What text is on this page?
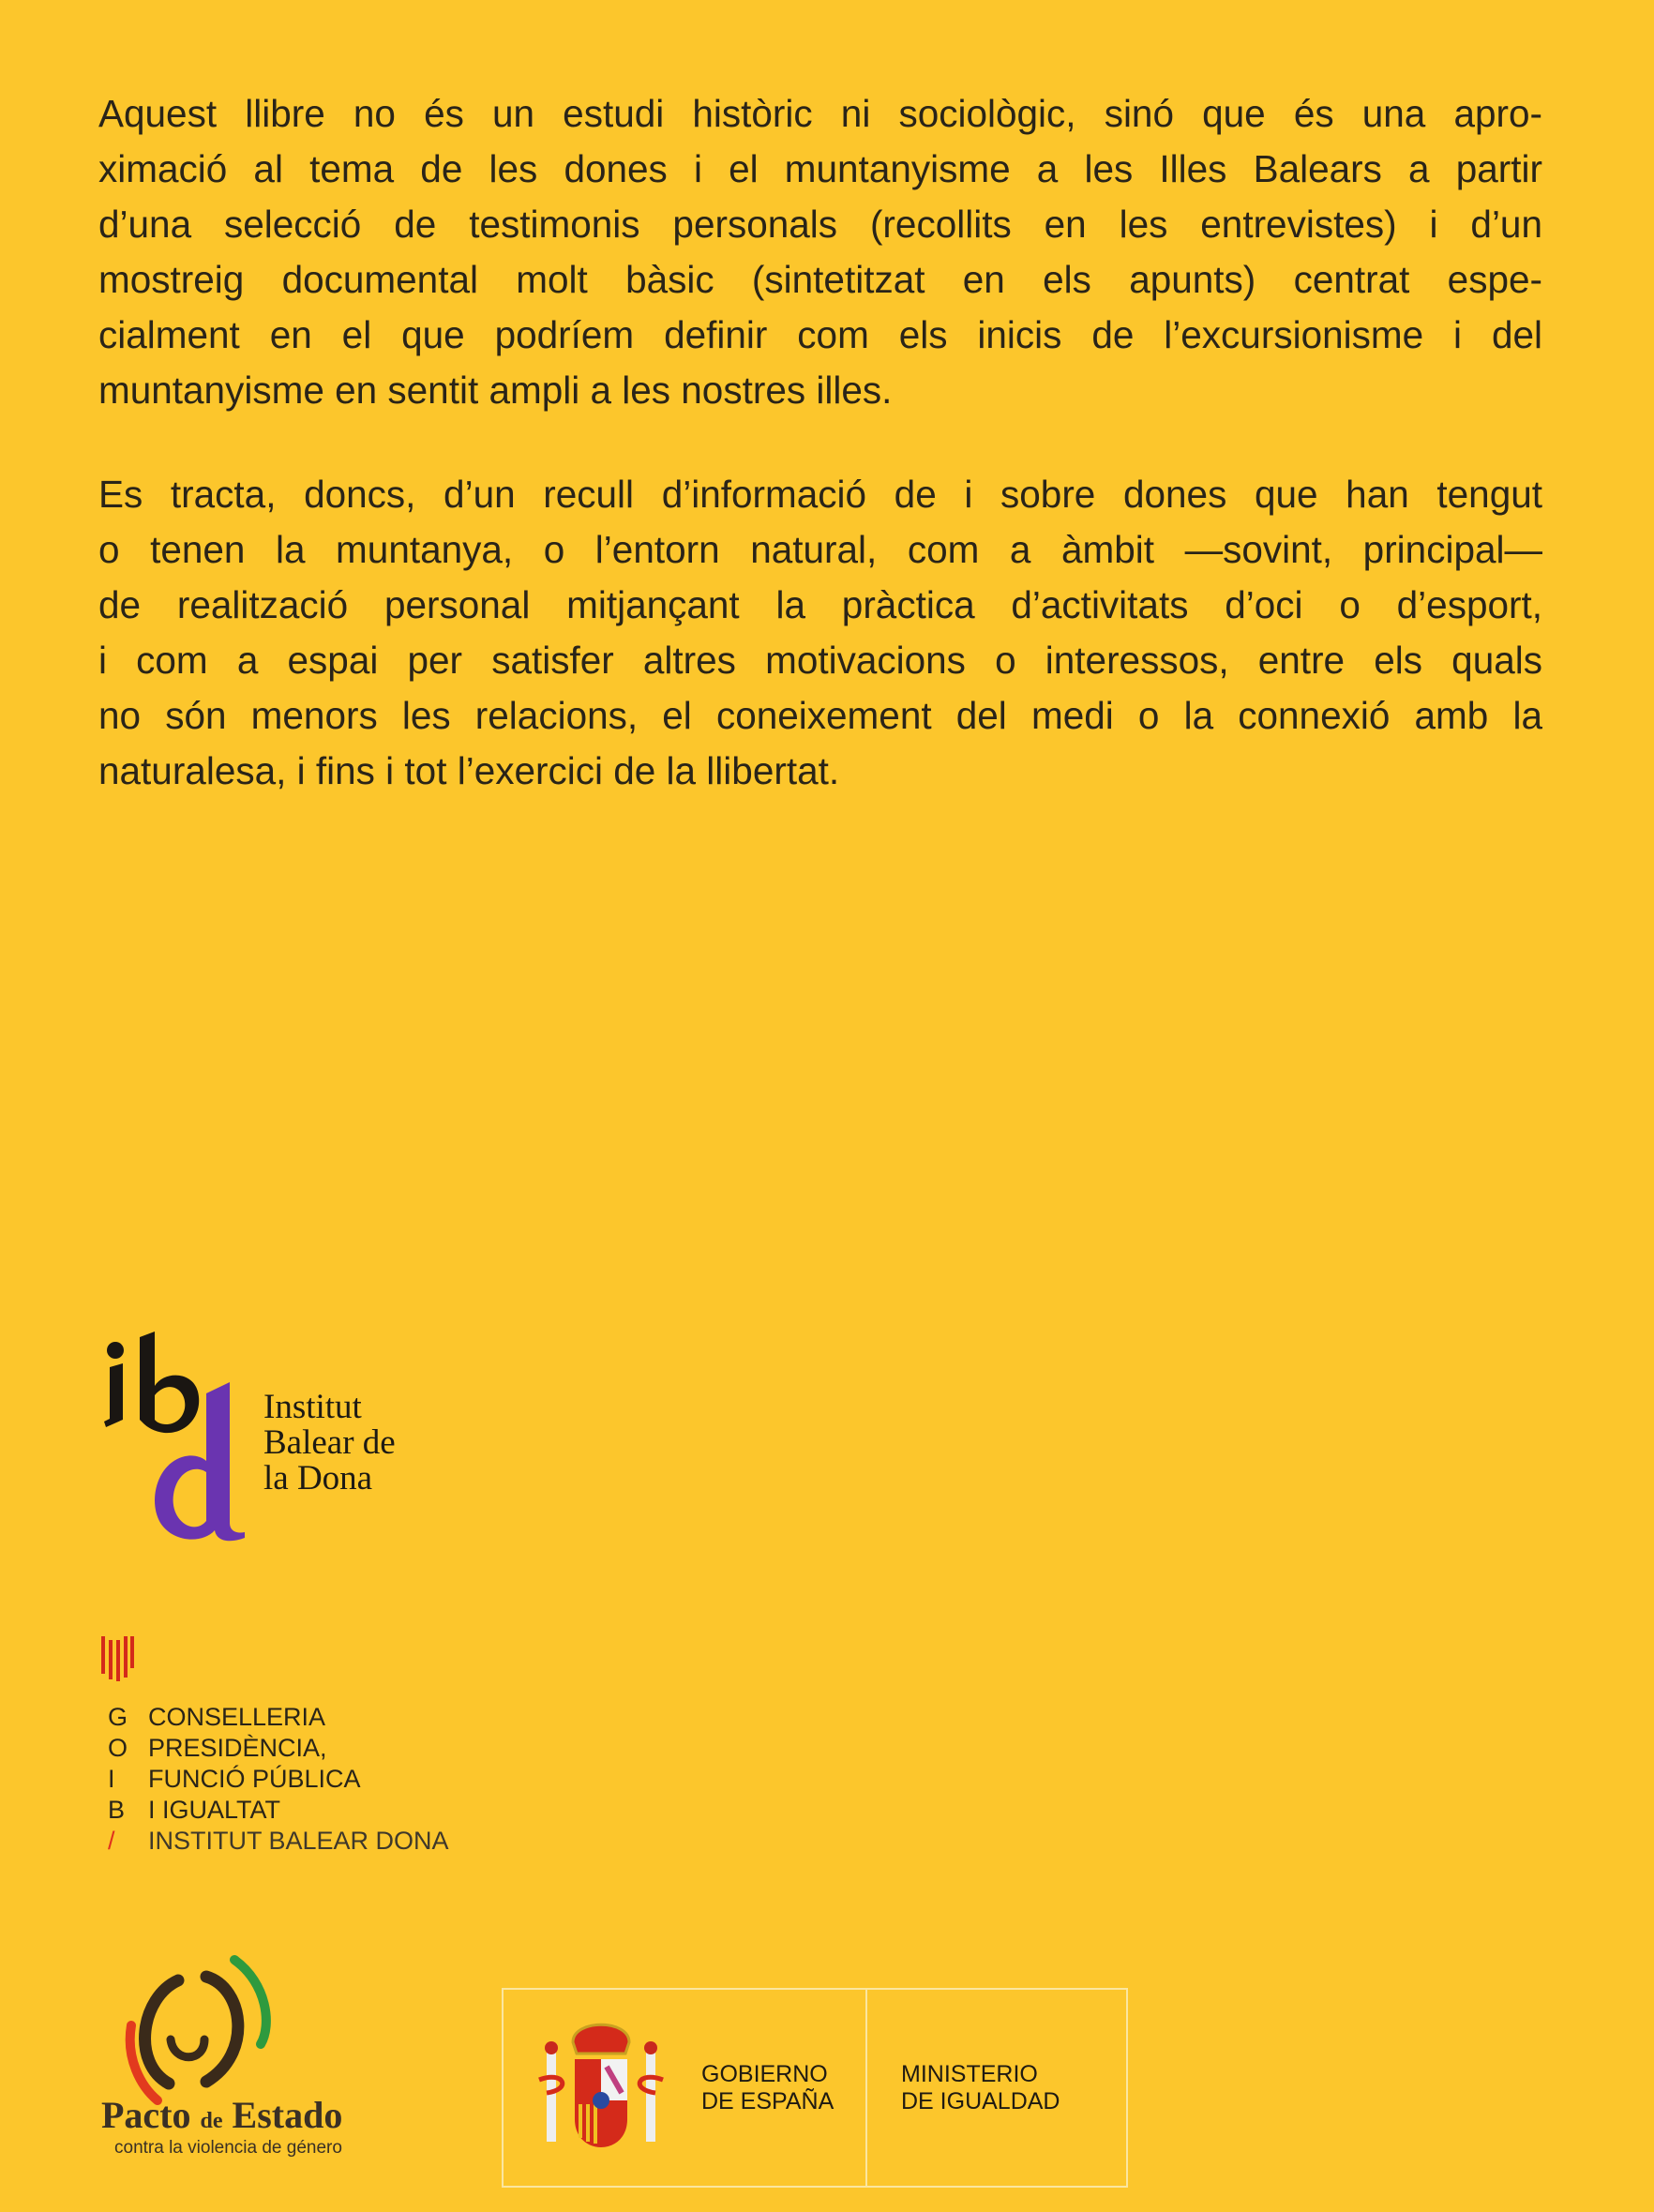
Aquest llibre no és un estudi històric ni sociològic, sinó que és una apro-
ximació al tema de les dones i el muntanyisme a les Illes Balears a partir
d’una selecció de testimonis personals (recollits en les entrevistes) i d’un
mostreig documental molt bàsic (sintetitzat en els apunts) centrat espe-
cialment en el que podríem definir com els inicis de l’excursionisme i del
muntanyisme en sentit ampli a les nostres illes.
Es tracta, doncs, d’un recull d’informació de i sobre dones que han tengut
o tenen la muntanya, o l’entorn natural, com a àmbit —sovint, principal—
de realització personal mitjançant la pràctica d’activitats d’oci o d’esport,
i com a espai per satisfer altres motivacions o interessos, entre els quals
no són menors les relacions, el coneixement del medi o la connexió amb la
naturalesa, i fins i tot l’exercici de la llibertat.
Institut
Balear de
la Dona
G CONSELLERIA
O PRESIDÈNCIA,
I	FUNCIÓ PÚBLICA
B I IGUALTAT
/	INSTITUT BALEAR DONA
Pacto de Estado
contra la violencia de género
GOBIERNO
DE ESPAÑA
MINISTERIO
DE IGUALDAD
